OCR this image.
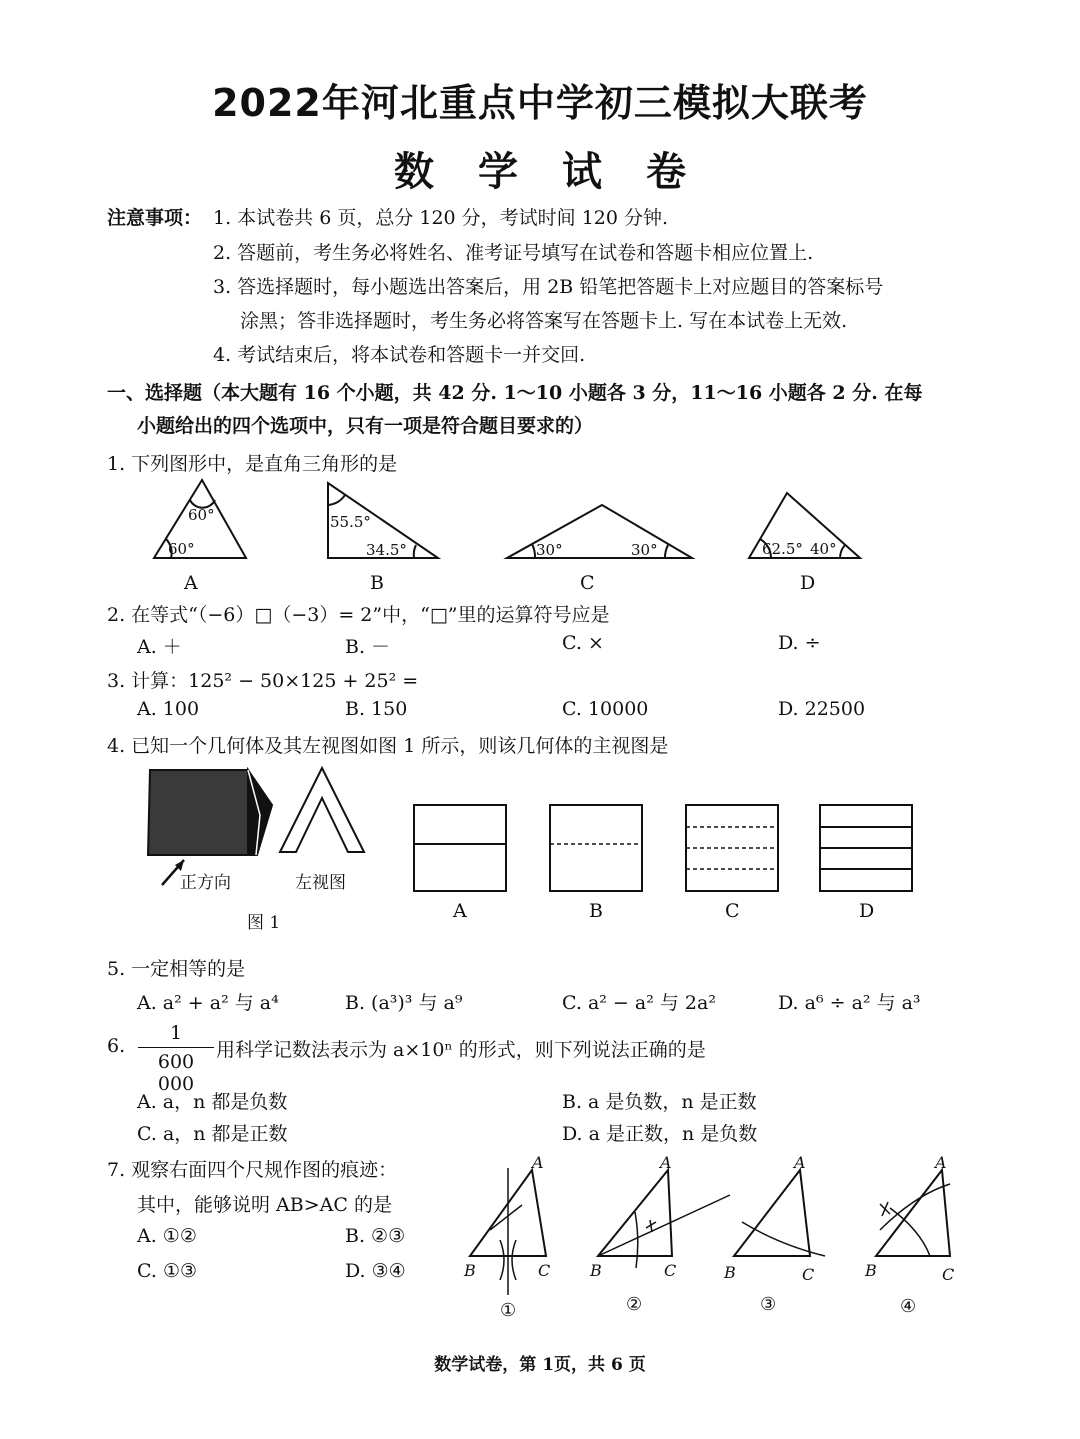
2022年河北重点中学初三模拟大联考
数学试卷
注意事项： 1. 本试卷共 6 页，总分 120 分，考试时间 120 分钟.
2. 答题前，考生务必将姓名、准考证号填写在试卷和答题卡相应位置上.
3. 答选择题时，每小题选出答案后，用 2B 铅笔把答题卡上对应题目的答案标号
涂黑；答非选择题时，考生务必将答案写在答题卡上. 写在本试卷上无效.
4. 考试结束后，将本试卷和答题卡一并交回.
一、选择题（本大题有 16 个小题，共 42 分. 1～10 小题各 3 分，11～16 小题各 2 分. 在每
小题给出的四个选项中，只有一项是符合题目要求的）
1. 下列图形中，是直角三角形的是
60°
60°
55.5°
34.5°	30°	30°	62.5° 40°
A	B	C	D
2. 在等式“（−6）□（−3）= 2”中，“□”里的运算符号应是
A. ＋	B. －	C. ×	D. ÷
3. 计算：125² − 50×125 + 25² =
A. 100	B. 150	C. 10000	D. 22500
4. 已知一个几何体及其左视图如图 1 所示，则该几何体的主视图是
正方向	左视图
图 1
A	B	C	D
5. 一定相等的是
A. a² + a² 与 a⁴	B. (a³)³ 与 a⁹	C. a² − a² 与 2a²	D. a⁶ ÷ a² 与 a³
6.
1
600 000
用科学记数法表示为 a×10ⁿ 的形式，则下列说法正确的是
A. a，n 都是负数	B. a 是负数，n 是正数
C. a，n 都是正数	D. a 是正数，n 是负数
7. 观察右面四个尺规作图的痕迹：
其中，能够说明 AB>AC 的是
A. ①②	B. ②③
C. ①③	D. ③④
A
B	C
A
B	C
A
B	C
A
B	C
①	②	③	④
数学试卷，第 1页，共 6 页
